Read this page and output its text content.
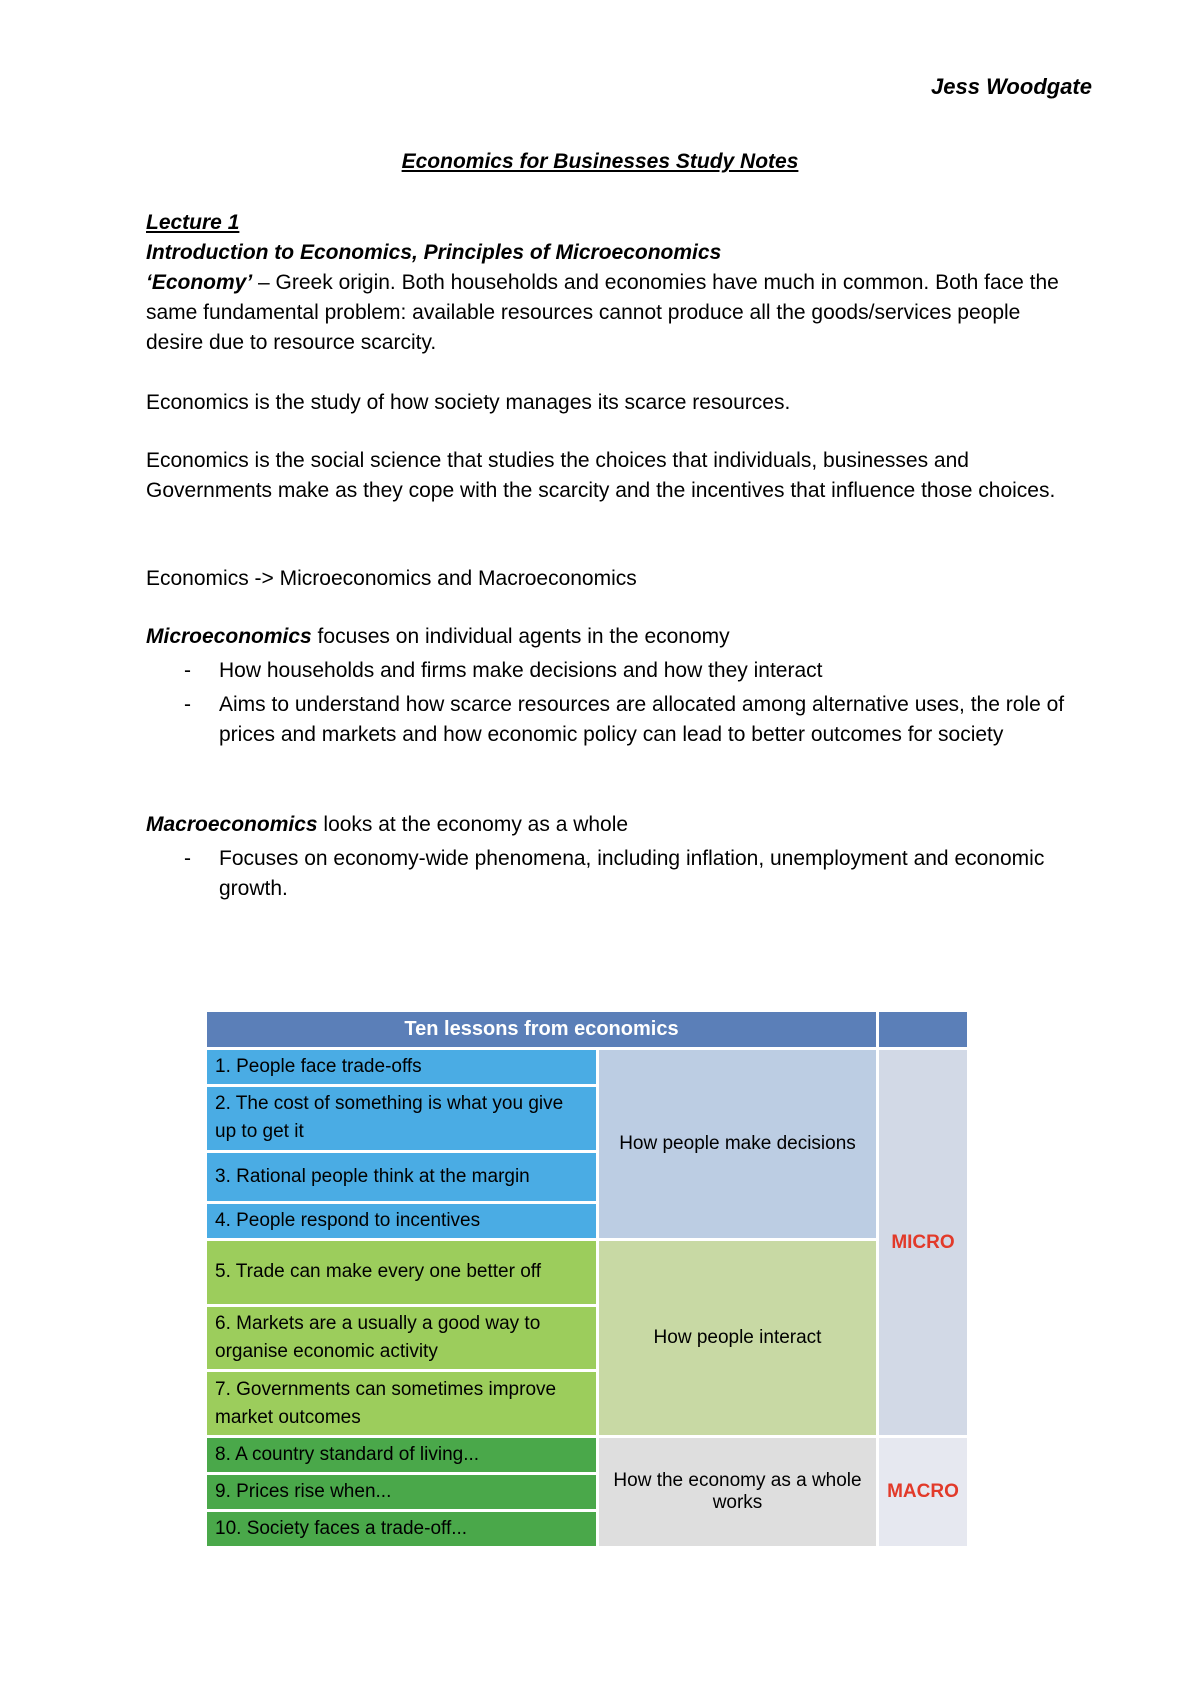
Jess Woodgate
Economics for Businesses Study Notes
Lecture 1
Introduction to Economics, Principles of Microeconomics
‘Economy’ – Greek origin. Both households and economies have much in common. Both face the same fundamental problem: available resources cannot produce all the goods/services people desire due to resource scarcity.
Economics is the study of how society manages its scarce resources.
Economics is the social science that studies the choices that individuals, businesses and Governments make as they cope with the scarcity and the incentives that influence those choices.
Economics -> Microeconomics and Macroeconomics
Microeconomics focuses on individual agents in the economy
- How households and firms make decisions and how they interact
- Aims to understand how scarce resources are allocated among alternative uses, the role of prices and markets and how economic policy can lead to better outcomes for society
Macroeconomics looks at the economy as a whole
- Focuses on economy-wide phenomena, including inflation, unemployment and economic growth.
Ten lessons from economics		
1. People face trade-offs	How people make decisions	MICRO
2. The cost of something is what you give up to get it		
3. Rational people think at the margin		
4. People respond to incentives		
5. Trade can make every one better off	How people interact	
6. Markets are a usually a good way to organise economic activity		
7. Governments can sometimes improve market outcomes		
8. A country standard of living...	How the economy as a whole works	MACRO
9. Prices rise when...		
10. Society faces a trade-off...		
